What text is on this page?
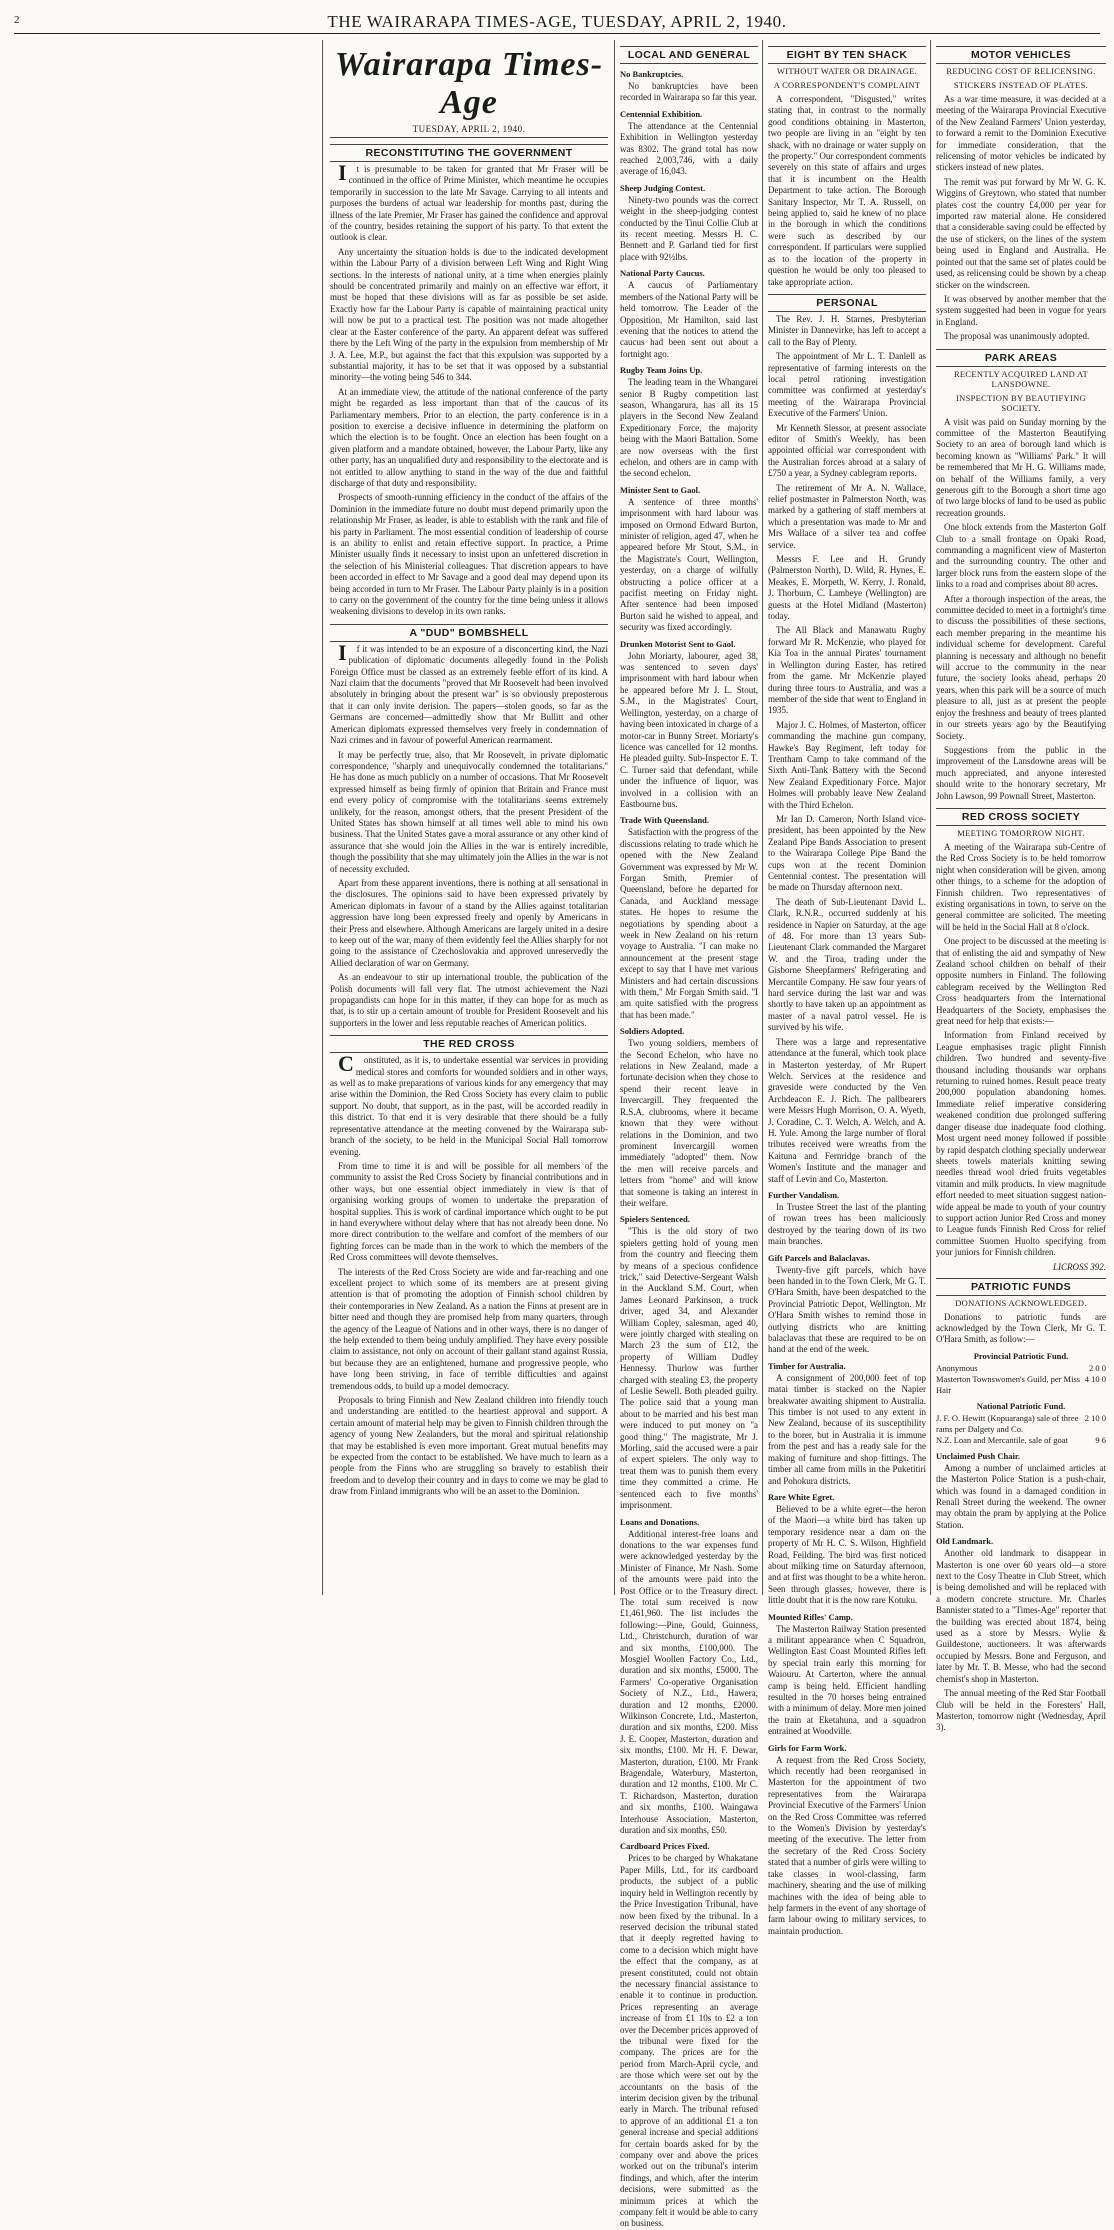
2	THE WAIRARAPA TIMES-AGE, TUESDAY, APRIL 2, 1940.

Wairarapa Times-Age
TUESDAY, APRIL 2, 1940.
RECONSTITUTING THE GOVERNMENT

It is presumable to be taken for granted that Mr Fraser will be continued in the office of Prime Minister, which meantime he occupies temporarily in succession to the late Mr Savage. Carrying to all intents and purposes the burdens of actual war leadership for months past, during the illness of the late Premier, Mr Fraser has gained the confidence and approval of the country, besides retaining the support of his party. To that extent the outlook is clear.

Any uncertainty the situation holds is due to the indicated development within the Labour Party of a division between Left Wing and Right Wing sections. In the interests of national unity, at a time when energies plainly should be concentrated primarily and mainly on an effective war effort, it must be hoped that these divisions will as far as possible be set aside. Exactly how far the Labour Party is capable of maintaining practical unity will now be put to a practical test. The position was not made altogether clear at the Easter conference of the party. An apparent defeat was suffered there by the Left Wing of the party in the expulsion from membership of Mr J. A. Lee, M.P., but against the fact that this expulsion was supported by a substantial majority, it has to be set that it was opposed by a substantial minority—the voting being 546 to 344.

At an immediate view, the attitude of the national conference of the party might be regarded as less important than that of the caucus of its Parliamentary members. Prior to an election, the party conference is in a position to exercise a decisive influence in determining the platform on which the election is to be fought. Once an election has been fought on a given platform and a mandate obtained, however, the Labour Party, like any other party, has an unqualified duty and responsibility to the electorate and is not entitled to allow anything to stand in the way of the due and faithful discharge of that duty and responsibility.

Prospects of smooth-running efficiency in the conduct of the affairs of the Dominion in the immediate future no doubt must depend primarily upon the relationship Mr Fraser, as leader, is able to establish with the rank and file of his party in Parliament. The most essential condition of leadership of course is an ability to enlist and retain effective support. In practice, a Prime Minister usually finds it necessary to insist upon an unfettered discretion in the selection of his Ministerial colleagues. That discretion appears to have been accorded in effect to Mr Savage and a good deal may depend upon its being accorded in turn to Mr Fraser. The Labour Party plainly is in a position to carry on the government of the country for the time being unless it allows weakening divisions to develop in its own ranks.

A "DUD" BOMBSHELL

If it was intended to be an exposure of a disconcerting kind, the Nazi publication of diplomatic documents allegedly found in the Polish Foreign Office must be classed as an extremely feeble effort of its kind. A Nazi claim that the documents "proved that Mr Roosevelt had been involved absolutely in bringing about the present war" is so obviously preposterous that it can only invite derision. The papers—stolen goods, so far as the Germans are concerned—admittedly show that Mr Bullitt and other American diplomats expressed themselves very freely in condemnation of Nazi crimes and in favour of powerful American rearmament.

It may be perfectly true, also, that Mr Roosevelt, in private diplomatic correspondence, "sharply and unequivocally condemned the totalitarians." He has done as much publicly on a number of occasions. That Mr Roosevelt expressed himself as being firmly of opinion that Britain and France must end every policy of compromise with the totalitarians seems extremely unlikely, for the reason, amongst others, that the present President of the United States has shown himself at all times well able to mind his own business. That the United States gave a moral assurance or any other kind of assurance that she would join the Allies in the war is entirely incredible, though the possibility that she may ultimately join the Allies in the war is not of necessity excluded.

Apart from these apparent inventions, there is nothing at all sensational in the disclosures. The opinions said to have been expressed privately by American diplomats in favour of a stand by the Allies against totalitarian aggression have long been expressed freely and openly by Americans in their Press and elsewhere. Although Americans are largely united in a desire to keep out of the war, many of them evidently feel the Allies sharply for not going to the assistance of Czechoslovakia and approved unreservedly the Allied declaration of war on Germany.

As an endeavour to stir up international trouble, the publication of the Polish documents will fall very flat. The utmost achievement the Nazi propagandists can hope for in this matter, if they can hope for as much as that, is to stir up a certain amount of trouble for President Roosevelt and his supporters in the lower and less reputable reaches of American politics.

THE RED CROSS

Constituted, as it is, to undertake essential war services in providing medical stores and comforts for wounded soldiers and in other ways, as well as to make preparations of various kinds for any emergency that may arise within the Dominion, the Red Cross Society has every claim to public support. No doubt, that support, as in the past, will be accorded readily in this district. To that end it is very desirable that there should be a fully representative attendance at the meeting convened by the Wairarapa sub-branch of the society, to be held in the Municipal Social Hall tomorrow evening.

From time to time it is and will be possible for all members of the community to assist the Red Cross Society by financial contributions and in other ways, but one essential object immediately in view is that of organising working groups of women to undertake the preparation of hospital supplies. This is work of cardinal importance which ought to be put in hand everywhere without delay where that has not already been done. No more direct contribution to the welfare and comfort of the members of our fighting forces can be made than in the work to which the members of the Red Cross committees will devote themselves.

The interests of the Red Cross Society are wide and far-reaching and one excellent project to which some of its members are at present giving attention is that of promoting the adoption of Finnish school children by their contemporaries in New Zealand. As a nation the Finns at present are in bitter need and though they are promised help from many quarters, through the agency of the League of Nations and in other ways, there is no danger of the help extended to them being unduly amplified. They have every possible claim to assistance, not only on account of their gallant stand against Russia, but because they are an enlightened, humane and progressive people, who have long been striving, in face of terrible difficulties and against tremendous odds, to build up a model democracy.

Proposals to bring Finnish and New Zealand children into friendly touch and understanding are entitled to the heartiest approval and support. A certain amount of material help may be given to Finnish children through the agency of young New Zealanders, but the moral and spiritual relationship that may be established is even more important. Great mutual benefits may be expected from the contact to be established. We have much to learn as a people from the Finns who are struggling so bravely to establish their freedom and to develop their country and in days to come we may be glad to draw from Finland immigrants who will be an asset to the Dominion.

LOCAL AND GENERAL
No Bankruptcies.

No bankruptcies have been recorded in Wairarapa so far this year.

Centennial Exhibition.

The attendance at the Centennial Exhibition in Wellington yesterday was 8302. The grand total has now reached 2,003,746, with a daily average of 16,043.

Sheep Judging Contest.

Ninety-two pounds was the correct weight in the sheep-judging contest conducted by the Tinui Collie Club at its recent meeting. Messrs H. C. Bennett and P. Garland tied for first place with 92½lbs.

National Party Caucus.

A caucus of Parliamentary members of the National Party will be held tomorrow. The Leader of the Opposition, Mr Hamilton, said last evening that the notices to attend the caucus had been sent out about a fortnight ago.

Rugby Team Joins Up.

The leading team in the Whangarei senior B Rugby competition last season, Whangarura, has all its 15 players in the Second New Zealand Expeditionary Force, the majority being with the Maori Battalion. Some are now overseas with the first echelon, and others are in camp with the second echelon.

Minister Sent to Gaol.

A sentence of three months' imprisonment with hard labour was imposed on Ormond Edward Burton, minister of religion, aged 47, when he appeared before Mr Stout, S.M., in the Magistrate's Court, Wellington, yesterday, on a charge of wilfully obstructing a police officer at a pacifist meeting on Friday night. After sentence had been imposed Burton said he wished to appeal, and security was fixed accordingly.

Drunken Motorist Sent to Gaol.

John Moriarty, labourer, aged 38, was sentenced to seven days' imprisonment with hard labour when he appeared before Mr J. L. Stout, S.M., in the Magistrates' Court, Wellington, yesterday, on a charge of having been intoxicated in charge of a motor-car in Bunny Street. Moriarty's licence was cancelled for 12 months. He pleaded guilty. Sub-Inspector E. T. C. Turner said that defendant, while under the influence of liquor, was involved in a collision with an Eastbourne bus.

Trade With Queensland.

Satisfaction with the progress of the discussions relating to trade which he opened with the New Zealand Government was expressed by Mr W. Forgan Smith, Premier of Queensland, before he departed for Canada, and Auckland message states. He hopes to resume the negotiations by spending about a week in New Zealand on his return voyage to Australia. "I can make no announcement at the present stage except to say that I have met various Ministers and had certain discussions with them," Mr Forgan Smith said. "I am quite satisfied with the progress that has been made."

Soldiers Adopted.

Two young soldiers, members of the Second Echelon, who have no relations in New Zealand, made a fortunate decision when they chose to spend their recent leave in Invercargill. They frequented the R.S.A. clubrooms, where it became known that they were without relations in the Dominion, and two prominent Invercargill women immediately "adopted" them. Now the men will receive parcels and letters from "home" and will know that someone is taking an interest in their welfare.

Spielers Sentenced.

"This is the old story of two spielers getting hold of young men from the country and fleecing them by means of a specious confidence trick," said Detective-Sergeant Walsh in the Auckland S.M. Court, when James Leonard Parkinson, a truck driver, aged 34, and Alexander William Copley, salesman, aged 40, were jointly charged with stealing on March 23 the sum of £12, the property of William Dudley Hennessy. Thurlow was further charged with stealing £3, the property of Leslie Sewell. Both pleaded guilty. The police said that a young man about to be married and his best man were induced to put money on "a good thing." The magistrate, Mr J. Morling, said the accused were a pair of expert spielers. The only way to treat them was to punish them every time they committed a crime. He sentenced each to five months' imprisonment.

Loans and Donations.

Additional interest-free loans and donations to the war expenses fund were acknowledged yesterday by the Minister of Finance, Mr Nash. Some of the amounts were paid into the Post Office or to the Treasury direct. The total sum received is now £1,461,960. The list includes the following:—Pine, Gould, Guinness, Ltd., Christchurch, duration of war and six months, £100,000. The Mosgiel Woollen Factory Co., Ltd., duration and six months, £5000. The Farmers' Co-operative Organisation Society of N.Z., Ltd., Hawera, duration and 12 months, £2000. Wilkinson Concrete, Ltd., Masterton, duration and six months, £200. Miss J. E. Cooper, Masterton, duration and six months, £100. Mr H. F. Dewar, Masterton, duration, £100. Mr Frank Bragendale, Waterbury, Masterton, duration and 12 months, £100. Mr C. T. Richardson, Masterton, duration and six months, £100. Waingawa Interhouse Association, Masterton, duration and six months, £50.

Cardboard Prices Fixed.

Prices to be charged by Whakatane Paper Mills, Ltd., for its cardboard products, the subject of a public inquiry held in Wellington recently by the Price Investigation Tribunal, have now been fixed by the tribunal. In a reserved decision the tribunal stated that it deeply regretted having to come to a decision which might have the effect that the company, as at present constituted, could not obtain the necessary financial assistance to enable it to continue in production. Prices representing an average increase of from £1 10s to £2 a ton over the December prices approved of the tribunal were fixed for the company. The prices are for the period from March-April cycle, and are those which were set out by the accountants on the basis of the interim decision given by the tribunal early in March. The tribunal refused to approve of an additional £1 a ton general increase and special additions for certain boards asked for by the company over and above the prices worked out on the tribunal's interim findings, and which, after the interim decisions, were submitted as the minimum prices at which the company felt it would be able to carry on business.

EIGHT BY TEN SHACK
WITHOUT WATER OR DRAINAGE.
A CORRESPONDENT'S COMPLAINT

A correspondent, "Disgusted," writes stating that, in contrast to the normally good conditions obtaining in Masterton, two people are living in an "eight by ten shack, with no drainage or water supply on the property." Our correspondent comments severely on this state of affairs and urges that it is incumbent on the Health Department to take action. The Borough Sanitary Inspector, Mr T. A. Russell, on being applied to, said he knew of no place in the borough in which the conditions were such as described by our correspondent. If particulars were supplied as to the location of the property in question he would be only too pleased to take appropriate action.

PERSONAL

The Rev. J. H. Starnes, Presbyterian Minister in Dannevirke, has left to accept a call to the Bay of Plenty.

The appointment of Mr L. T. Danlell as representative of farming interests on the local petrol rationing investigation committee was confirmed at yesterday's meeting of the Wairarapa Provincial Executive of the Farmers' Union.

Mr Kenneth Slessor, at present associate editor of Smith's Weekly, has been appointed official war correspondent with the Australian forces abroad at a salary of £750 a year, a Sydney cablegram reports.

The retirement of Mr A. N. Wallace, relief postmaster in Palmerston North, was marked by a gathering of staff members at which a presentation was made to Mr and Mrs Wallace of a silver tea and coffee service.

Messrs F. Lee and H. Grundy (Palmerston North), D. Wild, R. Hynes, E. Meakes, E. Morpeth, W. Kerry, J. Ronald, J. Thorburn, C. Lambeye (Wellington) are guests at the Hotel Midland (Masterton) today.

The All Black and Manawatu Rugby forward Mr R. McKenzie, who played for Kia Toa in the annual Pirates' tournament in Wellington during Easter, has retired from the game. Mr McKenzie played during three tours to Australia, and was a member of the side that went to England in 1935.

Major J. C. Holmes, of Masterton, officer commanding the machine gun company, Hawke's Bay Regiment, left today for Trentham Camp to take command of the Sixth Anti-Tank Battery with the Second New Zealand Expeditionary Force. Major Holmes will probably leave New Zealand with the Third Echelon.

Mr Ian D. Cameron, North Island vice-president, has been appointed by the New Zealand Pipe Bands Association to present to the Wairarapa College Pipe Band the cups won at the recent Dominion Centennial contest. The presentation will be made on Thursday afternoon next.

The death of Sub-Lieutenant David L. Clark, R.N.R., occurred suddenly at his residence in Napier on Saturday, at the age of 48. For more than 13 years Sub-Lieutenant Clark commanded the Margaret W. and the Tiroa, trading under the Gisborne Sheepfarmers' Refrigerating and Mercantile Company. He saw four years of hard service during the last war and was shortly to have taken up an appointment as master of a naval patrol vessel. He is survived by his wife.

There was a large and representative attendance at the funeral, which took place in Masterton yesterday, of Mr Rupert Welch. Services at the residence and graveside were conducted by the Ven Archdeacon E. J. Rich. The pallbearers were Messrs Hugh Morrison, O. A. Wyeth, J. Coradine, C. T. Welch, A. Welch, and A. H. Yule. Among the large number of floral tributes received were wreaths from the Kaituna and Fernridge branch of the Women's Institute and the manager and staff of Levin and Co, Masterton.

Further Vandalism.

In Trustee Street the last of the planting of rowan trees has been maliciously destroyed by the tearing down of its two main branches.

Gift Parcels and Balaclavas.

Twenty-five gift parcels, which have been handed in to the Town Clerk, Mr G. T. O'Hara Smith, have been despatched to the Provincial Patriotic Depot, Wellington. Mr O'Hara Smith wishes to remind those in outlying districts who are knitting balaclavas that these are required to be on hand at the end of the week.

Timber for Australia.

A consignment of 200,000 feet of top matai timber is stacked on the Napier breakwater awaiting shipment to Australia. This timber is not used to any extent in New Zealand, because of its susceptibility to the borer, but in Australia it is immune from the pest and has a ready sale for the making of furniture and shop fittings. The timber all came from mills in the Puketitiri and Pohokura districts.

Rare White Egret.

Believed to be a white egret—the heron of the Maori—a white bird has taken up temporary residence near a dam on the property of Mr H. C. S. Wilson, Highfield Road, Feilding. The bird was first noticed about milking time on Saturday afternoon, and at first was thought to be a white heron. Seen through glasses, however, there is little doubt that it is the now rare Kotuku.

Mounted Rifles' Camp.

The Masterton Railway Station presented a militant appearance when C Squadron, Wellington East Coast Mounted Rifles left by special train early this morning for Waiouru. At Carterton, where the annual camp is being held. Efficient handling resulted in the 70 horses being entrained with a minimum of delay. More men joined the train at Eketahuna, and a squadron entrained at Woodville.

Girls for Farm Work.

A request from the Red Cross Society, which recently had been reorganised in Masterton for the appointment of two representatives from the Wairarapa Provincial Executive of the Farmers' Union on the Red Cross Committee was referred to the Women's Division by yesterday's meeting of the executive. The letter from the secretary of the Red Cross Society stated that a number of girls were willing to take classes in wool-classing, farm machinery, shearing and the use of milking machines with the idea of being able to help farmers in the event of any shortage of farm labour owing to military services, to maintain production.

MOTOR VEHICLES
REDUCING COST OF RELICENSING.
STICKERS INSTEAD OF PLATES.

As a war time measure, it was decided at a meeting of the Wairarapa Provincial Executive of the New Zealand Farmers' Union yesterday, to forward a remit to the Dominion Executive for immediate consideration, that the relicensing of motor vehicles be indicated by stickers instead of new plates.

The remit was put forward by Mr W. G. K. Wiggins of Greytown, who stated that number plates cost the country £4,000 per year for imported raw material alone. He considered that a considerable saving could be effected by the use of stickers, on the lines of the system being used in England and Australia. He pointed out that the same set of plates could be used, as relicensing could be shown by a cheap sticker on the windscreen.

It was observed by another member that the system suggested had been in vogue for years in England.

The proposal was unanimously adopted.

PARK AREAS
RECENTLY ACQUIRED LAND AT LANSDOWNE.
INSPECTION BY BEAUTIFYING SOCIETY.

A visit was paid on Sunday morning by the committee of the Masterton Beautifying Society to an area of borough land which is becoming known as "Williams' Park." It will be remembered that Mr H. G. Williams made, on behalf of the Williams family, a very generous gift to the Borough a short time ago of two large blocks of land to be used as public recreation grounds.

One block extends from the Masterton Golf Club to a small frontage on Opaki Road, commanding a magnificent view of Masterton and the surrounding country. The other and larger block runs from the eastern slope of the links to a road and comprises about 80 acres.

After a thorough inspection of the areas, the committee decided to meet in a fortnight's time to discuss the possibilities of these sections, each member preparing in the meantime his individual scheme for development. Careful planning is necessary and although no benefit will accrue to the community in the near future, the society looks ahead, perhaps 20 years, when this park will be a source of much pleasure to all, just as at present the people enjoy the freshness and beauty of trees planted in our streets years ago by the Beautifying Society.

Suggestions from the public in the improvement of the Lansdowne areas will be much appreciated, and anyone interested should write to the honorary secretary, Mr John Lawson, 99 Pownall Street, Masterton.

RED CROSS SOCIETY
MEETING TOMORROW NIGHT.

A meeting of the Wairarapa sub-Centre of the Red Cross Society is to be held tomorrow night when consideration will be given, among other things, to a scheme for the adoption of Finnish children. Two representatives of existing organisations in town, to serve on the general committee are solicited. The meeting will be held in the Social Hall at 8 o'clock.

One project to be discussed at the meeting is that of enlisting the aid and sympathy of New Zealand school children on behalf of their opposite numbers in Finland. The following cablegram received by the Wellington Red Cross headquarters from the International Headquarters of the Society, emphasises the great need for help that exists:—

Information from Finland received by League emphasises tragic plight Finnish children. Two hundred and seventy-five thousand including thousands war orphans returning to ruined homes. Result peace treaty 200,000 population abandoning homes. Immediate relief imperative considering weakened condition due prolonged suffering danger disease due inadequate food clothing. Most urgent need money followed if possible by rapid despatch clothing specially underwear sheets towels materials knitting sewing needles thread wool dried fruits vegetables vitamin and milk products. In view magnitude effort needed to meet situation suggest nation-wide appeal be made to youth of your country to support action Junior Red Cross and money to League funds Finnish Red Cross for relief committee Suomen Huolto specifying from your juniors for Finnish children.

LICROSS 392.
PATRIOTIC FUNDS
DONATIONS ACKNOWLEDGED.

Donations to patriotic funds are acknowledged by the Town Clerk, Mr G. T. O'Hara Smith, as follow:—

Provincial Patriotic Fund.
Anonymous	2 0 0
Masterton Townswomen's Guild, per Miss Hair
4 10 0
National Patriotic Fund.
J. F. O. Hewitt (Kopuaranga) sale of three rams per Dalgety and Co.
2 10 0
N.Z. Loan and Mercantile, sale of goat	9 6
Unclaimed Push Chair.

Among a number of unclaimed articles at the Masterton Police Station is a push-chair, which was found in a damaged condition in Renall Street during the weekend. The owner may obtain the pram by applying at the Police Station.

Old Landmark.

Another old landmark to disappear in Masterton is one over 60 years old—a store next to the Cosy Theatre in Club Street, which is being demolished and will be replaced with a modern concrete structure. Mr. Charles Bannister stated to a "Times-Age" reporter that the building was erected about 1874, being used as a store by Messrs. Wylie & Guildestone, auctioneers. It was afterwards occupied by Messrs. Bone and Ferguson, and later by Mr. T. B. Messe, who had the second chemist's shop in Masterton.

The annual meeting of the Red Star Football Club will be held in the Foresters' Hall, Masterton, tomorrow night (Wednesday, April 3).
